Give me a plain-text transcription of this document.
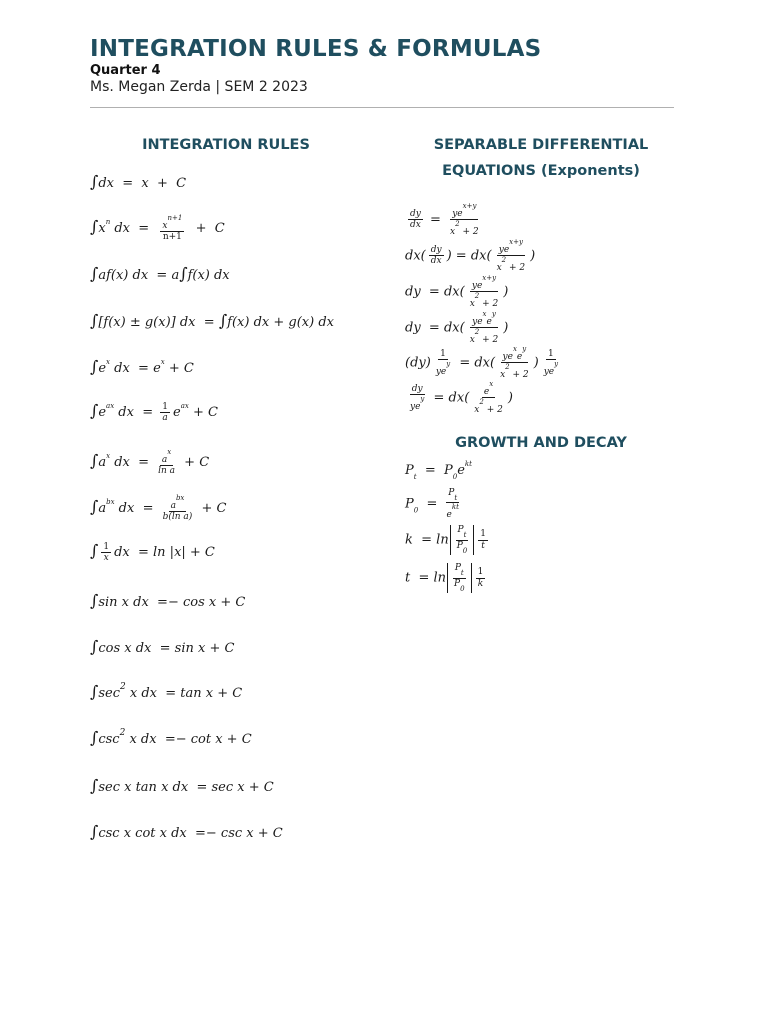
INTEGRATION RULES & FORMULAS
Quarter 4
Ms. Megan Zerda | SEM 2 2023
INTEGRATION RULES
∫dx  =  x  +  C
$\int x^n$ dx  = $\frac{x^{n+1}}{n+1} + C$
∫af(x) dx  = a∫f(x) dx
∫[f(x) ± g(x)] dx  = ∫f(x) dx + g(x) dx
$\int e^x$ dx  = $e^x + C$
$\int e^{ax}$ dx  = $\frac{1}{a} e^{ax} + C$
$\int a^x$ dx  = $\frac{a^x}{\text{ln a}} + C$
$\int a^{bx}$ dx  = $\frac{a^{bx}}{\text{b(ln a)}} + C$
∫ $\frac{1}{x}$ dx  = ln |x| + C
∫sin x dx  =− cos x + C
∫cos x dx  = sin x + C
$\int\sec^2$ x dx  = tan x + C
$\int\csc^2$ x dx  =− cot x + C
∫sec x tan x dx  = sec x + C
∫csc x cot x dx  =− csc x + C
SEPARABLE DIFFERENTIAL
EQUATIONS (Exponents)
$\frac{dy}{dx} = \frac{ye^{x+y}}{x^2 + 2}$
$dx( \frac{dy}{dx}$ ) = $dx( \frac{ye^{x+y}}{x^2 + 2}$ )
dy  = $dx( \frac{ye^{x+y}}{x^2 + 2}$ )
dy  = $dx( \frac{ye^xe^y}{x^2 + 2}$ )
$(dy) \frac{1}{ye^y} = dx( \frac{ye^xe^y}{x^2 + 2}$ ) $\frac{1}{ye^y}$
$\frac{dy}{ye^y} = dx( \frac{e^x}{x^2 + 2}$ )
GROWTH AND DECAY
$P_t = P_0e^{kt}$
$P_0 = \frac{P_t}{e^{kt}}$
$k = \ln \frac{P_t}{P_0} \frac{1}{t}$
$t = \ln \frac{P_t}{P_0} \frac{1}{k}$
